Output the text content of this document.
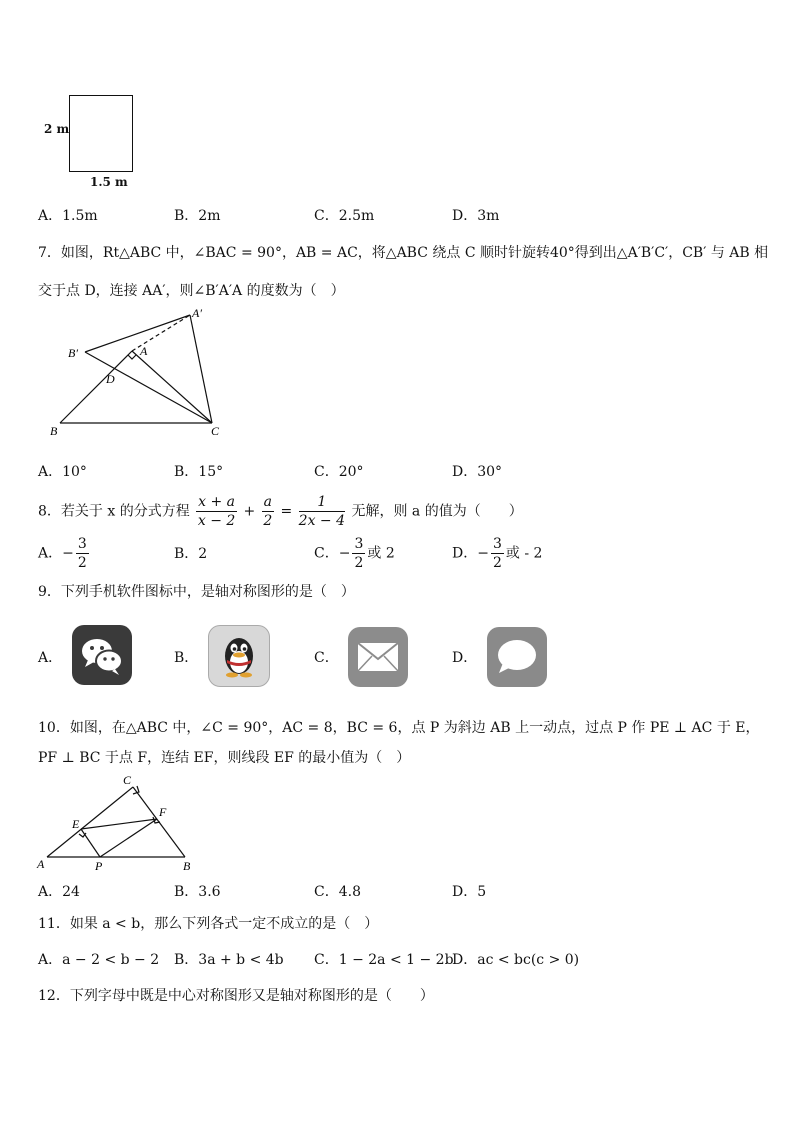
2 m
1.5 m
A．1.5m	B．2m	C．2.5m	D．3m
7．如图，Rt△ABC 中，∠BAC = 90°，AB = AC，将△ABC 绕点 C 顺时针旋转40°得到出△A′B′C′，CB′ 与 AB 相
交于点 D，连接 AA′，则∠B′A′A 的度数为（　）
A′
B′	A
D
B	C
A．10°	B．15°	C．20°	D．30°
8．若关于 x 的分式方程 $\frac{x + a}{x - 2} + \frac{a}{2} = \frac{1}{2x - 4}$ 无解，则 a 的值为（　　）
A．− $\frac{3}{2}$	B．2	C．− $\frac{3}{2}$ 或 2	D．− $\frac{3}{2}$ 或 - 2
9．下列手机软件图标中，是轴对称图形的是（　）
A．	B．	C．	D．
10．如图，在△ABC 中，∠C = 90°，AC = 8，BC = 6，点 P 为斜边 AB 上一动点，过点 P 作 PE ⊥ AC 于 E，
PF ⊥ BC 于点 F，连结 EF，则线段 EF 的最小值为（　）
C
F
E
A	P	B
A．24	B．3.6	C．4.8	D．5
11．如果 a < b，那么下列各式一定不成立的是（　）
A．a − 2 < b − 2 B．3a + b < 4b C．1 − 2a < 1 − 2b
D．ac < bc(c > 0)
12．下列字母中既是中心对称图形又是轴对称图形的是（　　）
